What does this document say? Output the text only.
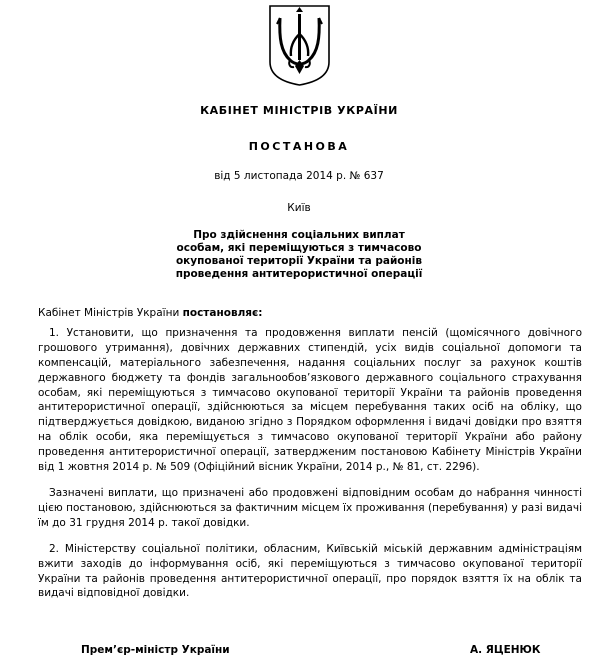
КАБІНЕТ МІНІСТРІВ УКРАЇНИ
ПОСТАНОВА
від 5 листопада 2014 р. № 637
Київ
Про здійснення соціальних виплат
особам, які переміщуються з тимчасово
окупованої території України та районів
проведення антитерористичної операції

Кабінет Міністрів України постановляє:

1. Установити, що призначення та продовження виплати пенсій (щомісячного довічного грошового утримання), довічних державних стипендій, усіх видів соціальної допомоги та компенсацій, матеріального забезпечення, надання соціальних послуг за рахунок коштів державного бюджету та фондів загальнообов’язкового державного соціального страхування особам, які переміщуються з тимчасово окупованої території України та районів проведення антитерористичної операції, здійснюються за місцем перебування таких осіб на обліку, що підтверджується довідкою, виданою згідно з Порядком оформлення і видачі довідки про взяття на облік особи, яка переміщується з тимчасово окупованої території України або району проведення антитерористичної операції, затвердженим постановою Кабінету Міністрів України від 1 жовтня 2014 р. № 509 (Офіційний вісник України, 2014 р., № 81, ст. 2296).

Зазначені виплати, що призначені або продовжені відповідним особам до набрання чинності цією постановою, здійснюються за фактичним місцем їх проживання (перебування) у разі видачі їм до 31 грудня 2014 р. такої довідки.

2. Міністерству соціальної політики, обласним, Київській міській державним адміністраціям вжити заходів до інформування осіб, які переміщуються з тимчасово окупованої території України та районів проведення антитерористичної операції, про порядок взяття їх на облік та видачі відповідної довідки.

Прем’єр-міністр України	А. ЯЦЕНЮК
